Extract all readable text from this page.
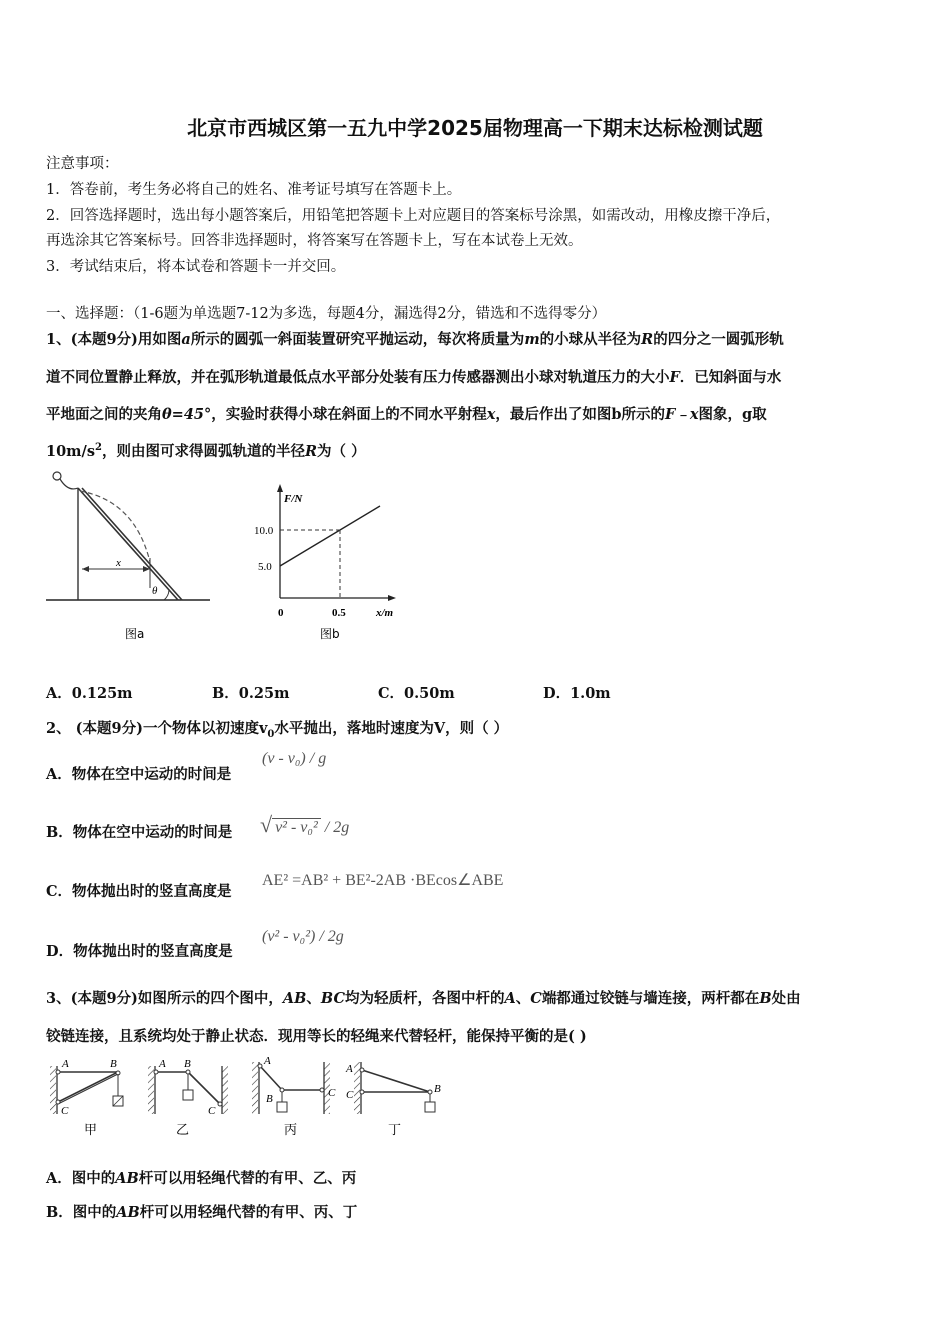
北京市西城区第一五九中学2025届物理高一下期末达标检测试题
注意事项：
1．答卷前，考生务必将自己的姓名、准考证号填写在答题卡上。
2．回答选择题时，选出每小题答案后，用铅笔把答题卡上对应题目的答案标号涂黑，如需改动，用橡皮擦干净后，
再选涂其它答案标号。回答非选择题时，将答案写在答题卡上，写在本试卷上无效。
3．考试结束后，将本试卷和答题卡一并交回。
一、选择题：（1-6题为单选题7-12为多选，每题4分，漏选得2分，错选和不选得零分）
1、(本题9分)用如图a所示的圆弧一斜面装置研究平抛运动，每次将质量为m的小球从半径为R的四分之一圆弧形轨
道不同位置静止释放，并在弧形轨道最低点水平部分处装有压力传感器测出小球对轨道压力的大小F．已知斜面与水
平地面之间的夹角θ=45°，实验时获得小球在斜面上的不同水平射程x，最后作出了如图b所示的F﹣x图象，g取
$10m/s^2$，则由图可求得圆弧轨道的半径R为（ ）
x
θ
图a
F/N
10.0
5.0
0	0.5	x/m
图b
A．0.125m	B．0.25m	C．0.50m	D．1.0m
2、 (本题9分)一个物体以初速度$v_0$水平抛出，落地时速度为V，则（ ）
A．物体在空中运动的时间是
(v - v₀) / g
B．物体在空中运动的时间是 √ v² - v₀² / 2g
C．物体抛出时的竖直高度是
AE² =AB² + BE²-2AB ·BEcos∠ABE
D．物体抛出时的竖直高度是
(v² - v₀²) / 2g
3、(本题9分)如图所示的四个图中，AB、BC均为轻质杆，各图中杆的A、C端都通过铰链与墙连接，两杆都在B处由
铰链连接，且系统均处于静止状态．现用等长的轻绳来代替轻杆，能保持平衡的是( )
A	B
C
甲
A B
C
乙
A
B	C
丙
A
C	B
丁
A．图中的AB杆可以用轻绳代替的有甲、乙、丙
B．图中的AB杆可以用轻绳代替的有甲、丙、丁
